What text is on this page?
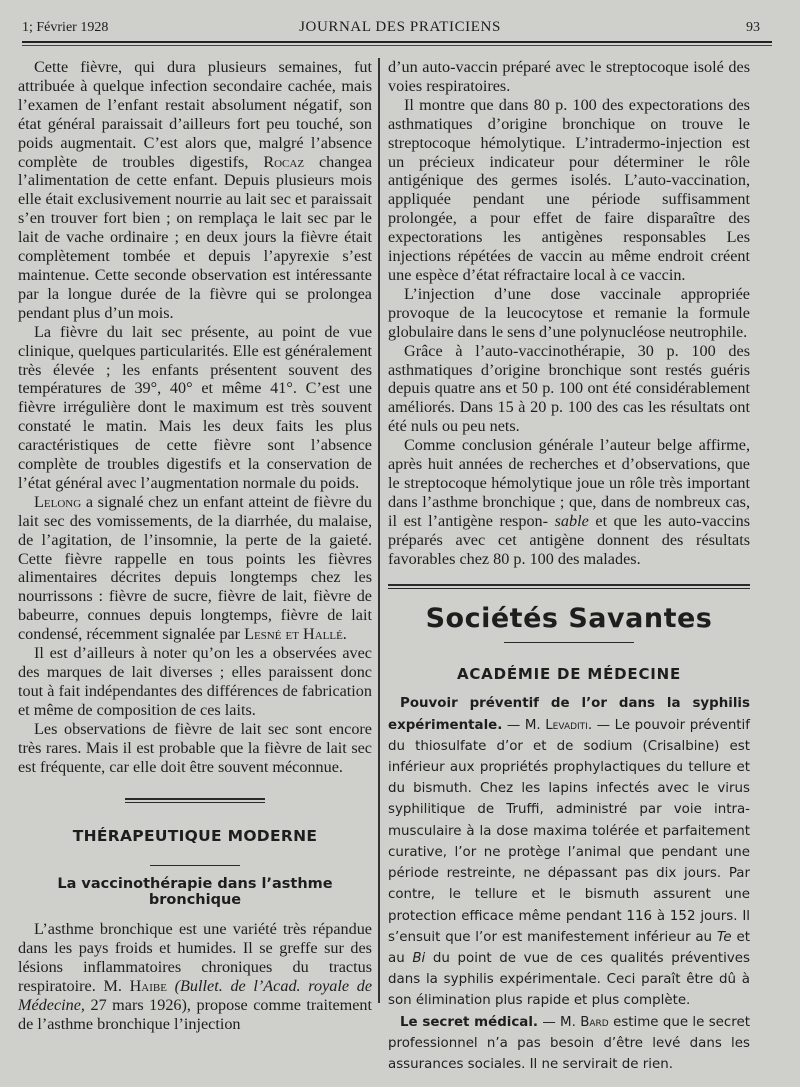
1; Février 1928	JOURNAL DES PRATICIENS	93

Cette fièvre, qui dura plusieurs semaines, fut attribuée à quelque infection secondaire cachée, mais l’examen de l’enfant restait absolument négatif, son état général paraissait d’ailleurs fort peu touché, son poids augmentait. C’est alors que, malgré l’absence complète de troubles digestifs, Rocaz changea l’alimentation de cette enfant. Depuis plusieurs mois elle était exclusivement nourrie au lait sec et paraissait s’en trouver fort bien ; on remplaça le lait sec par le lait de vache ordinaire ; en deux jours la fièvre était complètement tombée et depuis l’apyrexie s’est maintenue. Cette seconde observation est intéressante par la longue durée de la fièvre qui se prolongea pendant plus d’un mois.

La fièvre du lait sec présente, au point de vue clinique, quelques particularités. Elle est généralement très élevée ; les enfants présentent souvent des températures de 39°, 40° et même 41°. C’est une fièvre irrégulière dont le maximum est très souvent constaté le matin. Mais les deux faits les plus caractéristiques de cette fièvre sont l’absence complète de troubles digestifs et la conservation de l’état général avec l’augmentation normale du poids.

Lelong a signalé chez un enfant atteint de fièvre du lait sec des vomissements, de la diarrhée, du malaise, de l’agitation, de l’insomnie, la perte de la gaieté. Cette fièvre rappelle en tous points les fièvres alimentaires décrites depuis longtemps chez les nourrissons : fièvre de sucre, fièvre de lait, fièvre de babeurre, connues depuis longtemps, fièvre de lait condensé, récemment signalée par Lesné et Hallé.

Il est d’ailleurs à noter qu’on les a observées avec des marques de lait diverses ; elles paraissent donc tout à fait indépendantes des différences de fabrication et même de composition de ces laits.

Les observations de fièvre de lait sec sont encore très rares. Mais il est probable que la fièvre de lait sec est fréquente, car elle doit être souvent méconnue.

THÉRAPEUTIQUE MODERNE
La vaccinothérapie dans l’asthme bronchique

L’asthme bronchique est une variété très répandue dans les pays froids et humides. Il se greffe sur des lésions inflammatoires chroniques du tractus respiratoire. M. Haibe (Bullet. de l’Acad. royale de Médecine, 27 mars 1926), propose comme traitement de l’asthme bronchique l’injection

d’un auto-vaccin préparé avec le streptocoque isolé des voies respiratoires.

Il montre que dans 80 p. 100 des expectorations des asthmatiques d’origine bronchique on trouve le streptocoque hémolytique. L’intradermo-injection est un précieux indicateur pour déterminer le rôle antigénique des germes isolés. L’auto-vaccination, appliquée pendant une période suffisamment prolongée, a pour effet de faire disparaître des expectorations les antigènes responsables Les injections répétées de vaccin au même endroit créent une espèce d’état réfractaire local à ce vaccin.

L’injection d’une dose vaccinale appropriée provoque de la leucocytose et remanie la formule globulaire dans le sens d’une polynucléose neutrophile.

Grâce à l’auto-vaccinothérapie, 30 p. 100 des asthmatiques d’origine bronchique sont restés guéris depuis quatre ans et 50 p. 100 ont été considérablement améliorés. Dans 15 à 20 p. 100 des cas les résultats ont été nuls ou peu nets.

Comme conclusion générale l’auteur belge affirme, après huit années de recherches et d’observations, que le streptocoque hémolytique joue un rôle très important dans l’asthme bronchique ; que, dans de nombreux cas, il est l’antigène respon- sable et que les auto-vaccins préparés avec cet antigène donnent des résultats favorables chez 80 p. 100 des malades.

Sociétés Savantes
ACADÉMIE DE MÉDECINE

Pouvoir préventif de l’or dans la syphilis expérimentale. — M. Levaditi. — Le pouvoir préventif du thiosulfate d’or et de sodium (Crisalbine) est inférieur aux propriétés prophylactiques du tellure et du bismuth. Chez les lapins infectés avec le virus syphilitique de Truffi, administré par voie intra-musculaire à la dose maxima tolérée et parfaitement curative, l’or ne protège l’animal que pendant une période restreinte, ne dépassant pas dix jours. Par contre, le tellure et le bismuth assurent une protection efficace même pendant 116 à 152 jours. Il s’ensuit que l’or est manifestement inférieur au Te et au Bi du point de vue de ces qualités préventives dans la syphilis expérimentale. Ceci paraît être dû à son élimination plus rapide et plus complète.

Le secret médical. — M. Bard estime que le secret professionnel n’a pas besoin d’être levé dans les assurances sociales. Il ne servirait de rien.
